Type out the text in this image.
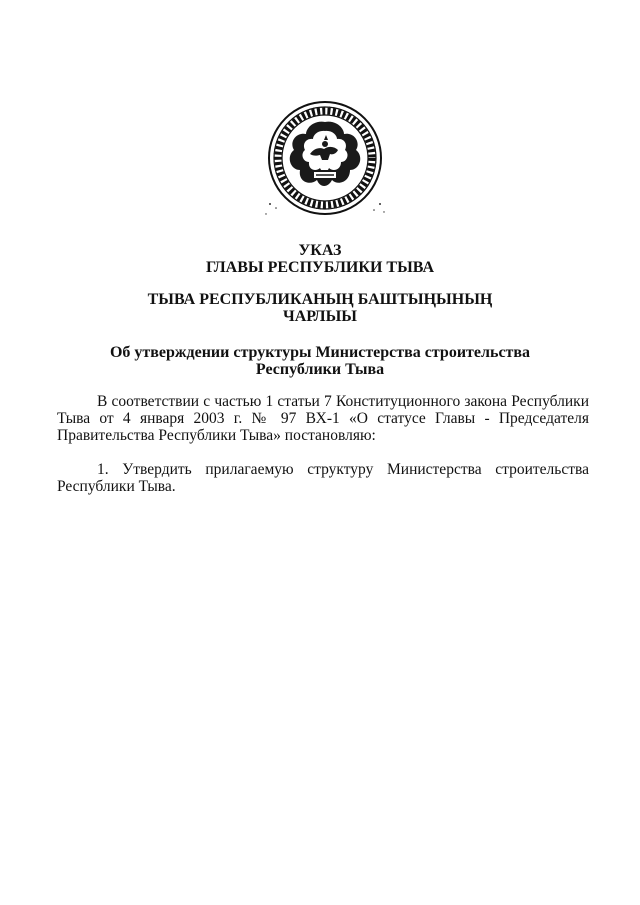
УКАЗ
ГЛАВЫ РЕСПУБЛИКИ ТЫВА
ТЫВА РЕСПУБЛИКАНЫҢ БАШТЫҢЫНЫҢ
ЧАРЛЫЫ
Об утверждении структуры Министерства строительства
Республики Тыва
В соответствии с частью 1 статьи 7 Конституционного закона Республики Тыва от 4 января 2003 г. № 97 ВХ-1 «О статусе Главы - Председателя Правительства Республики Тыва» постановляю:
1. Утвердить прилагаемую структуру Министерства строительства Республики Тыва.
